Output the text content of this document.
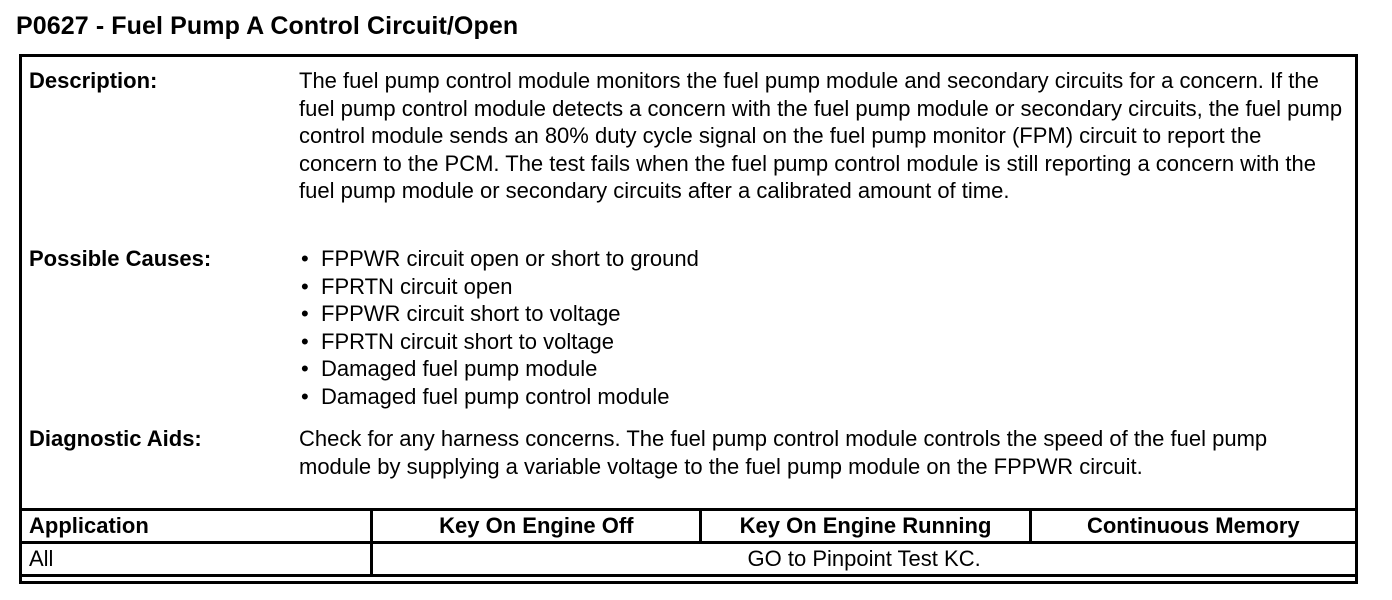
P0627 - Fuel Pump A Control Circuit/Open
Description:	The fuel pump control module monitors the fuel pump module and secondary circuits for a concern. If the fuel pump control module detects a concern with the fuel pump module or secondary circuits, the fuel pump control module sends an 80% duty cycle signal on the fuel pump monitor (FPM) circuit to report the concern to the PCM. The test fails when the fuel pump control module is still reporting a concern with the fuel pump module or secondary circuits after a calibrated amount of time.
Possible Causes:	• FPPWR circuit open or short to ground
• FPRTN circuit open
• FPPWR circuit short to voltage
• FPRTN circuit short to voltage
• Damaged fuel pump module
• Damaged fuel pump control module
Diagnostic Aids:	Check for any harness concerns. The fuel pump control module controls the speed of the fuel pump module by supplying a variable voltage to the fuel pump module on the FPPWR circuit.
Application	Key On Engine Off	Key On Engine Running	Continuous Memory
All	GO to Pinpoint Test KC.		
